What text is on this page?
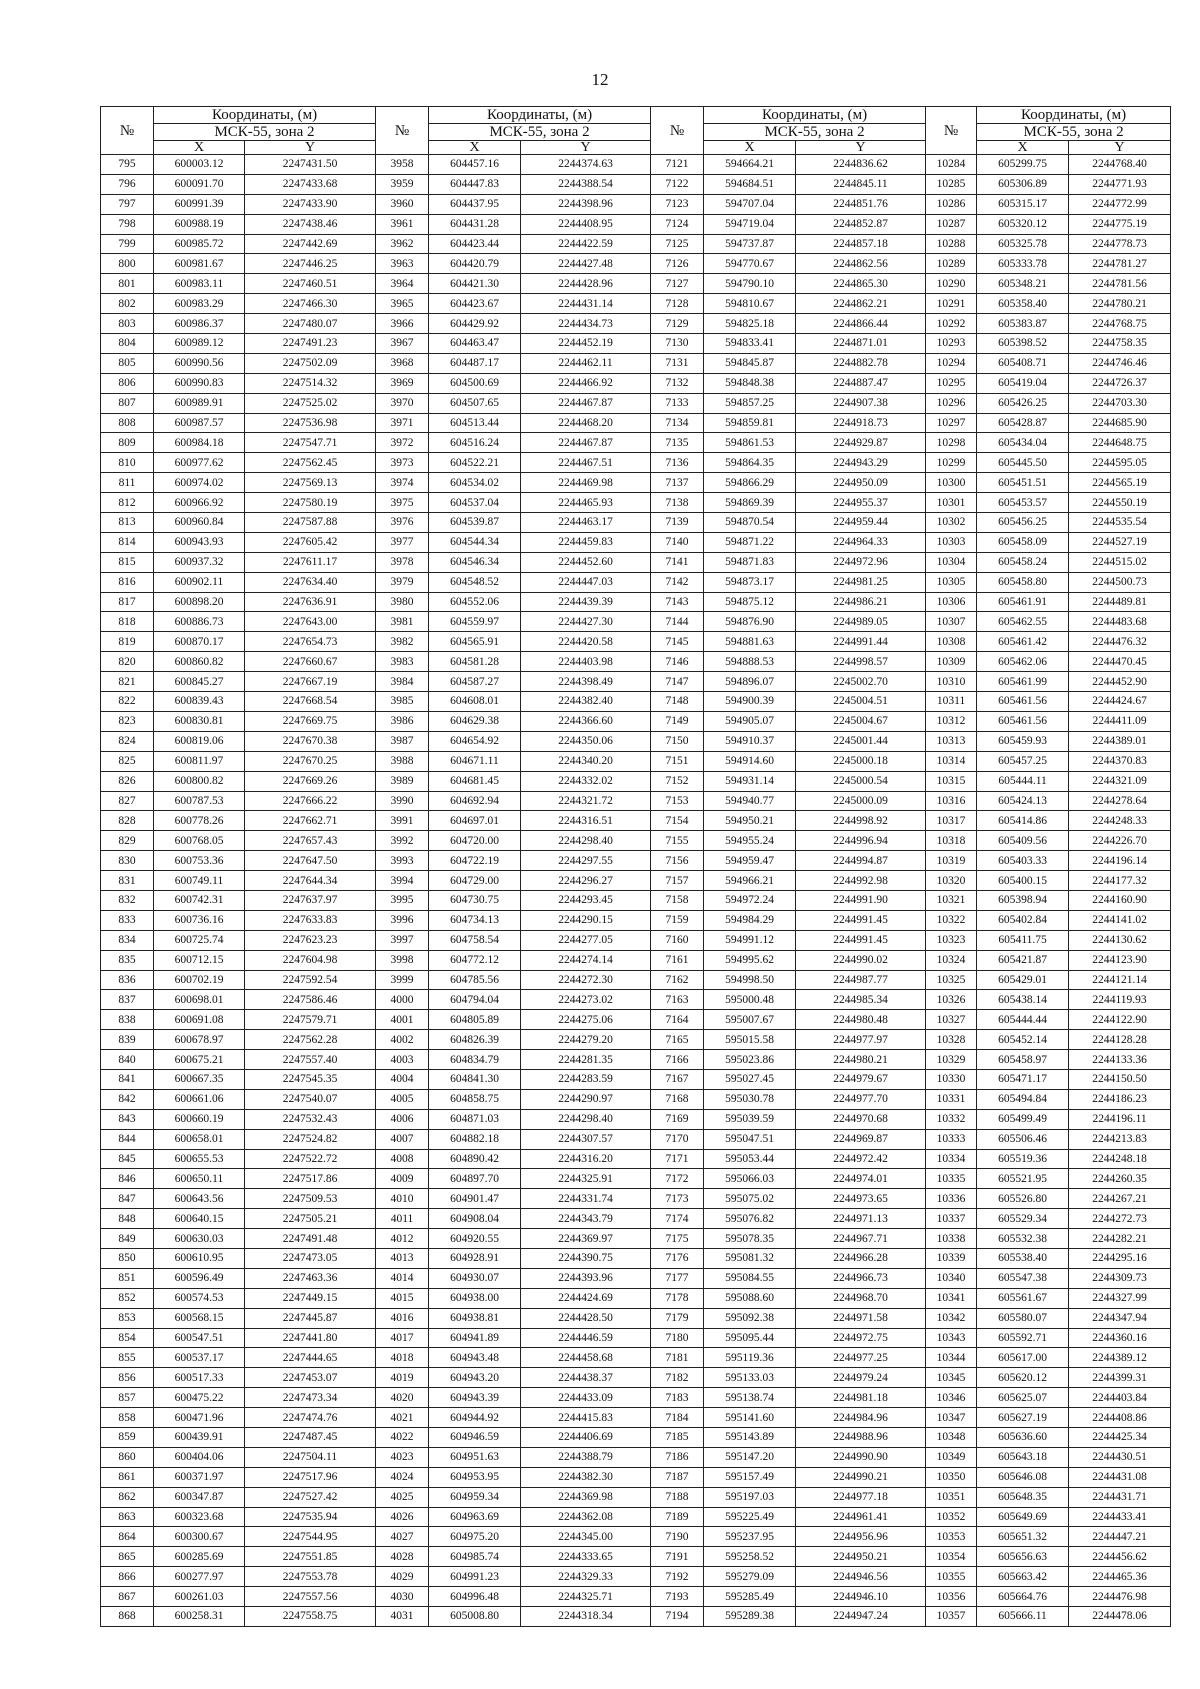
12
№	Координаты, (м)		№	Координаты, (м)		№	Координаты, (м)		№	Координаты, (м)	
	МСК-55, зона 2			МСК-55, зона 2			МСК-55, зона 2			МСК-55, зона 2	
	X	Y		X	Y		X	Y		X	Y
795	600003.12	2247431.50	3958	604457.16	2244374.63	7121	594664.21	2244836.62	10284	605299.75	2244768.40
796	600091.70	2247433.68	3959	604447.83	2244388.54	7122	594684.51	2244845.11	10285	605306.89	2244771.93
797	600991.39	2247433.90	3960	604437.95	2244398.96	7123	594707.04	2244851.76	10286	605315.17	2244772.99
798	600988.19	2247438.46	3961	604431.28	2244408.95	7124	594719.04	2244852.87	10287	605320.12	2244775.19
799	600985.72	2247442.69	3962	604423.44	2244422.59	7125	594737.87	2244857.18	10288	605325.78	2244778.73
800	600981.67	2247446.25	3963	604420.79	2244427.48	7126	594770.67	2244862.56	10289	605333.78	2244781.27
801	600983.11	2247460.51	3964	604421.30	2244428.96	7127	594790.10	2244865.30	10290	605348.21	2244781.56
802	600983.29	2247466.30	3965	604423.67	2244431.14	7128	594810.67	2244862.21	10291	605358.40	2244780.21
803	600986.37	2247480.07	3966	604429.92	2244434.73	7129	594825.18	2244866.44	10292	605383.87	2244768.75
804	600989.12	2247491.23	3967	604463.47	2244452.19	7130	594833.41	2244871.01	10293	605398.52	2244758.35
805	600990.56	2247502.09	3968	604487.17	2244462.11	7131	594845.87	2244882.78	10294	605408.71	2244746.46
806	600990.83	2247514.32	3969	604500.69	2244466.92	7132	594848.38	2244887.47	10295	605419.04	2244726.37
807	600989.91	2247525.02	3970	604507.65	2244467.87	7133	594857.25	2244907.38	10296	605426.25	2244703.30
808	600987.57	2247536.98	3971	604513.44	2244468.20	7134	594859.81	2244918.73	10297	605428.87	2244685.90
809	600984.18	2247547.71	3972	604516.24	2244467.87	7135	594861.53	2244929.87	10298	605434.04	2244648.75
810	600977.62	2247562.45	3973	604522.21	2244467.51	7136	594864.35	2244943.29	10299	605445.50	2244595.05
811	600974.02	2247569.13	3974	604534.02	2244469.98	7137	594866.29	2244950.09	10300	605451.51	2244565.19
812	600966.92	2247580.19	3975	604537.04	2244465.93	7138	594869.39	2244955.37	10301	605453.57	2244550.19
813	600960.84	2247587.88	3976	604539.87	2244463.17	7139	594870.54	2244959.44	10302	605456.25	2244535.54
814	600943.93	2247605.42	3977	604544.34	2244459.83	7140	594871.22	2244964.33	10303	605458.09	2244527.19
815	600937.32	2247611.17	3978	604546.34	2244452.60	7141	594871.83	2244972.96	10304	605458.24	2244515.02
816	600902.11	2247634.40	3979	604548.52	2244447.03	7142	594873.17	2244981.25	10305	605458.80	2244500.73
817	600898.20	2247636.91	3980	604552.06	2244439.39	7143	594875.12	2244986.21	10306	605461.91	2244489.81
818	600886.73	2247643.00	3981	604559.97	2244427.30	7144	594876.90	2244989.05	10307	605462.55	2244483.68
819	600870.17	2247654.73	3982	604565.91	2244420.58	7145	594881.63	2244991.44	10308	605461.42	2244476.32
820	600860.82	2247660.67	3983	604581.28	2244403.98	7146	594888.53	2244998.57	10309	605462.06	2244470.45
821	600845.27	2247667.19	3984	604587.27	2244398.49	7147	594896.07	2245002.70	10310	605461.99	2244452.90
822	600839.43	2247668.54	3985	604608.01	2244382.40	7148	594900.39	2245004.51	10311	605461.56	2244424.67
823	600830.81	2247669.75	3986	604629.38	2244366.60	7149	594905.07	2245004.67	10312	605461.56	2244411.09
824	600819.06	2247670.38	3987	604654.92	2244350.06	7150	594910.37	2245001.44	10313	605459.93	2244389.01
825	600811.97	2247670.25	3988	604671.11	2244340.20	7151	594914.60	2245000.18	10314	605457.25	2244370.83
826	600800.82	2247669.26	3989	604681.45	2244332.02	7152	594931.14	2245000.54	10315	605444.11	2244321.09
827	600787.53	2247666.22	3990	604692.94	2244321.72	7153	594940.77	2245000.09	10316	605424.13	2244278.64
828	600778.26	2247662.71	3991	604697.01	2244316.51	7154	594950.21	2244998.92	10317	605414.86	2244248.33
829	600768.05	2247657.43	3992	604720.00	2244298.40	7155	594955.24	2244996.94	10318	605409.56	2244226.70
830	600753.36	2247647.50	3993	604722.19	2244297.55	7156	594959.47	2244994.87	10319	605403.33	2244196.14
831	600749.11	2247644.34	3994	604729.00	2244296.27	7157	594966.21	2244992.98	10320	605400.15	2244177.32
832	600742.31	2247637.97	3995	604730.75	2244293.45	7158	594972.24	2244991.90	10321	605398.94	2244160.90
833	600736.16	2247633.83	3996	604734.13	2244290.15	7159	594984.29	2244991.45	10322	605402.84	2244141.02
834	600725.74	2247623.23	3997	604758.54	2244277.05	7160	594991.12	2244991.45	10323	605411.75	2244130.62
835	600712.15	2247604.98	3998	604772.12	2244274.14	7161	594995.62	2244990.02	10324	605421.87	2244123.90
836	600702.19	2247592.54	3999	604785.56	2244272.30	7162	594998.50	2244987.77	10325	605429.01	2244121.14
837	600698.01	2247586.46	4000	604794.04	2244273.02	7163	595000.48	2244985.34	10326	605438.14	2244119.93
838	600691.08	2247579.71	4001	604805.89	2244275.06	7164	595007.67	2244980.48	10327	605444.44	2244122.90
839	600678.97	2247562.28	4002	604826.39	2244279.20	7165	595015.58	2244977.97	10328	605452.14	2244128.28
840	600675.21	2247557.40	4003	604834.79	2244281.35	7166	595023.86	2244980.21	10329	605458.97	2244133.36
841	600667.35	2247545.35	4004	604841.30	2244283.59	7167	595027.45	2244979.67	10330	605471.17	2244150.50
842	600661.06	2247540.07	4005	604858.75	2244290.97	7168	595030.78	2244977.70	10331	605494.84	2244186.23
843	600660.19	2247532.43	4006	604871.03	2244298.40	7169	595039.59	2244970.68	10332	605499.49	2244196.11
844	600658.01	2247524.82	4007	604882.18	2244307.57	7170	595047.51	2244969.87	10333	605506.46	2244213.83
845	600655.53	2247522.72	4008	604890.42	2244316.20	7171	595053.44	2244972.42	10334	605519.36	2244248.18
846	600650.11	2247517.86	4009	604897.70	2244325.91	7172	595066.03	2244974.01	10335	605521.95	2244260.35
847	600643.56	2247509.53	4010	604901.47	2244331.74	7173	595075.02	2244973.65	10336	605526.80	2244267.21
848	600640.15	2247505.21	4011	604908.04	2244343.79	7174	595076.82	2244971.13	10337	605529.34	2244272.73
849	600630.03	2247491.48	4012	604920.55	2244369.97	7175	595078.35	2244967.71	10338	605532.38	2244282.21
850	600610.95	2247473.05	4013	604928.91	2244390.75	7176	595081.32	2244966.28	10339	605538.40	2244295.16
851	600596.49	2247463.36	4014	604930.07	2244393.96	7177	595084.55	2244966.73	10340	605547.38	2244309.73
852	600574.53	2247449.15	4015	604938.00	2244424.69	7178	595088.60	2244968.70	10341	605561.67	2244327.99
853	600568.15	2247445.87	4016	604938.81	2244428.50	7179	595092.38	2244971.58	10342	605580.07	2244347.94
854	600547.51	2247441.80	4017	604941.89	2244446.59	7180	595095.44	2244972.75	10343	605592.71	2244360.16
855	600537.17	2247444.65	4018	604943.48	2244458.68	7181	595119.36	2244977.25	10344	605617.00	2244389.12
856	600517.33	2247453.07	4019	604943.20	2244438.37	7182	595133.03	2244979.24	10345	605620.12	2244399.31
857	600475.22	2247473.34	4020	604943.39	2244433.09	7183	595138.74	2244981.18	10346	605625.07	2244403.84
858	600471.96	2247474.76	4021	604944.92	2244415.83	7184	595141.60	2244984.96	10347	605627.19	2244408.86
859	600439.91	2247487.45	4022	604946.59	2244406.69	7185	595143.89	2244988.96	10348	605636.60	2244425.34
860	600404.06	2247504.11	4023	604951.63	2244388.79	7186	595147.20	2244990.90	10349	605643.18	2244430.51
861	600371.97	2247517.96	4024	604953.95	2244382.30	7187	595157.49	2244990.21	10350	605646.08	2244431.08
862	600347.87	2247527.42	4025	604959.34	2244369.98	7188	595197.03	2244977.18	10351	605648.35	2244431.71
863	600323.68	2247535.94	4026	604963.69	2244362.08	7189	595225.49	2244961.41	10352	605649.69	2244433.41
864	600300.67	2247544.95	4027	604975.20	2244345.00	7190	595237.95	2244956.96	10353	605651.32	2244447.21
865	600285.69	2247551.85	4028	604985.74	2244333.65	7191	595258.52	2244950.21	10354	605656.63	2244456.62
866	600277.97	2247553.78	4029	604991.23	2244329.33	7192	595279.09	2244946.56	10355	605663.42	2244465.36
867	600261.03	2247557.56	4030	604996.48	2244325.71	7193	595285.49	2244946.10	10356	605664.76	2244476.98
868	600258.31	2247558.75	4031	605008.80	2244318.34	7194	595289.38	2244947.24	10357	605666.11	2244478.06
